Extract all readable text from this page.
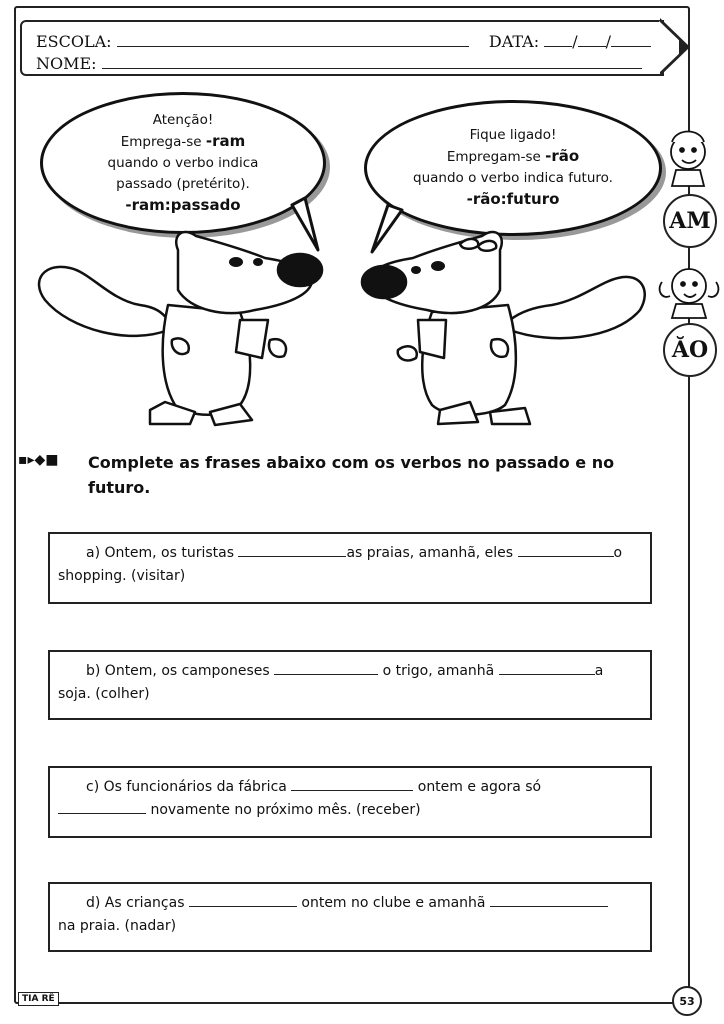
ESCOLA:	DATA: / /
NOME:
Atenção!
Emprega-se -ram
quando o verbo indica
passado (pretérito).
-ram:passado
Fique ligado!
Empregam-se -rão
quando o verbo indica futuro.
-rão:futuro
AM
ĂO
▪▸◆■ Complete as frases abaixo com os verbos no passado e no futuro.
a) Ontem, os turistas	as praias, amanhã, eles	o
shopping. (visitar)
b) Ontem, os camponeses	o trigo, amanhã	a
soja. (colher)
c) Os funcionários da fábrica	ontem e agora só
novamente no próximo mês. (receber)
d) As crianças	ontem no clube e amanhã
na praia. (nadar)
TIA RÊ	53
